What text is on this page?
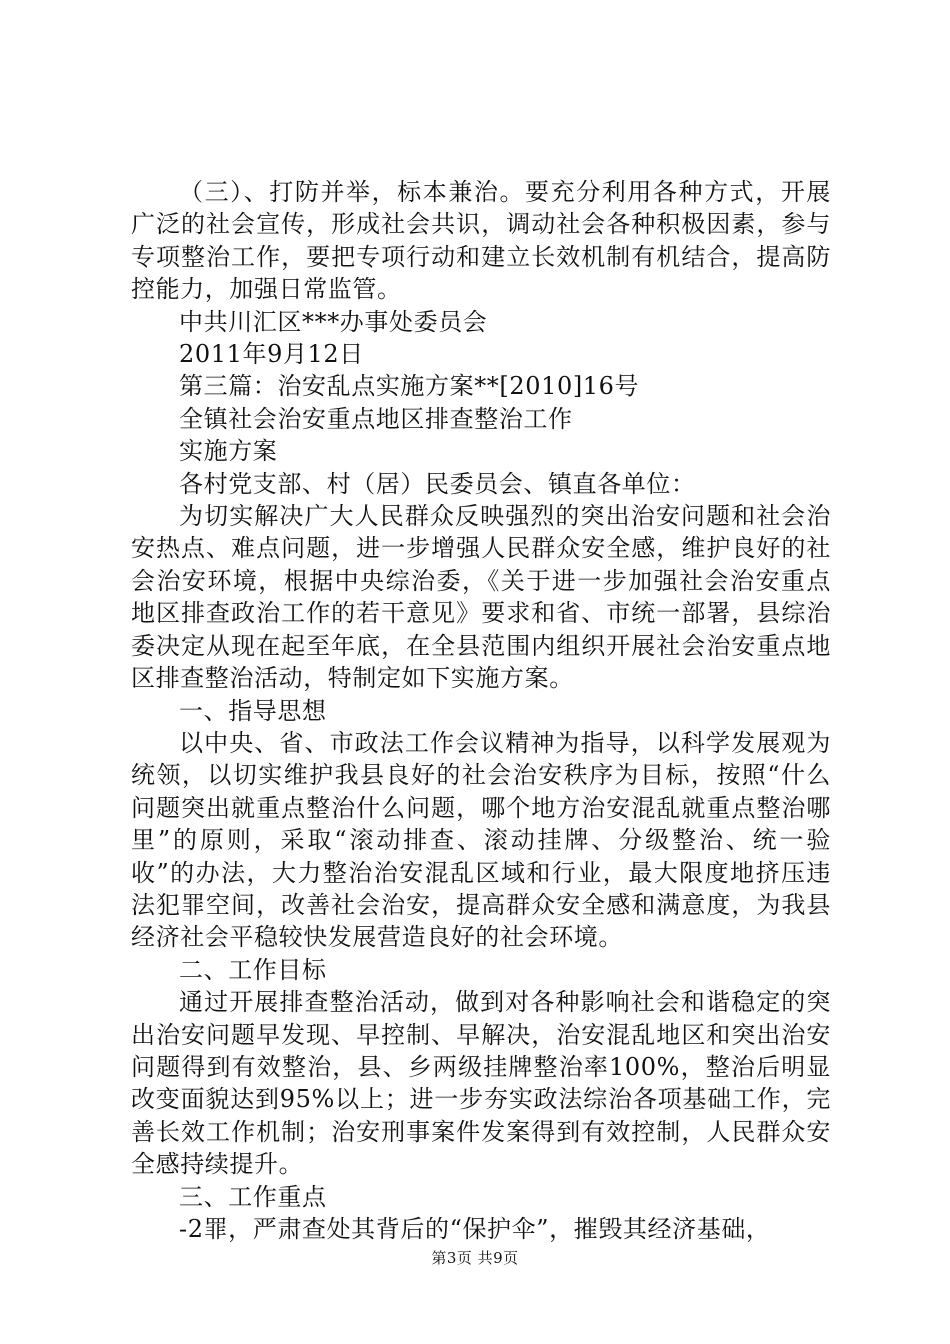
（三）、打防并举，标本兼治。要充分利用各种方式，开展广泛的社会宣传，形成社会共识，调动社会各种积极因素，参与专项整治工作，要把专项行动和建立长效机制有机结合，提高防控能力，加强日常监管。

中共川汇区***办事处委员会

2011年9月12日

第三篇：治安乱点实施方案**[2010]16号

全镇社会治安重点地区排查整治工作

实施方案

各村党支部、村（居）民委员会、镇直各单位：

为切实解决广大人民群众反映强烈的突出治安问题和社会治安热点、难点问题，进一步增强人民群众安全感，维护良好的社会治安环境，根据中央综治委，《关于进一步加强社会治安重点地区排查政治工作的若干意见》要求和省、市统一部署，县综治委决定从现在起至年底，在全县范围内组织开展社会治安重点地区排查整治活动，特制定如下实施方案。

一、指导思想

以中央、省、市政法工作会议精神为指导，以科学发展观为统领，以切实维护我县良好的社会治安秩序为目标，按照“什么问题突出就重点整治什么问题，哪个地方治安混乱就重点整治哪里”的原则，采取“滚动排查、滚动挂牌、分级整治、统一验收”的办法，大力整治治安混乱区域和行业，最大限度地挤压违法犯罪空间，改善社会治安，提高群众安全感和满意度，为我县经济社会平稳较快发展营造良好的社会环境。

二、工作目标

通过开展排查整治活动，做到对各种影响社会和谐稳定的突出治安问题早发现、早控制、早解决，治安混乱地区和突出治安问题得到有效整治，县、乡两级挂牌整治率100%，整治后明显改变面貌达到95%以上；进一步夯实政法综治各项基础工作，完善长效工作机制；治安刑事案件发案得到有效控制，人民群众安全感持续提升。

三、工作重点

-2罪，严肃查处其背后的“保护伞”，摧毁其经济基础，

第3页 共9页
